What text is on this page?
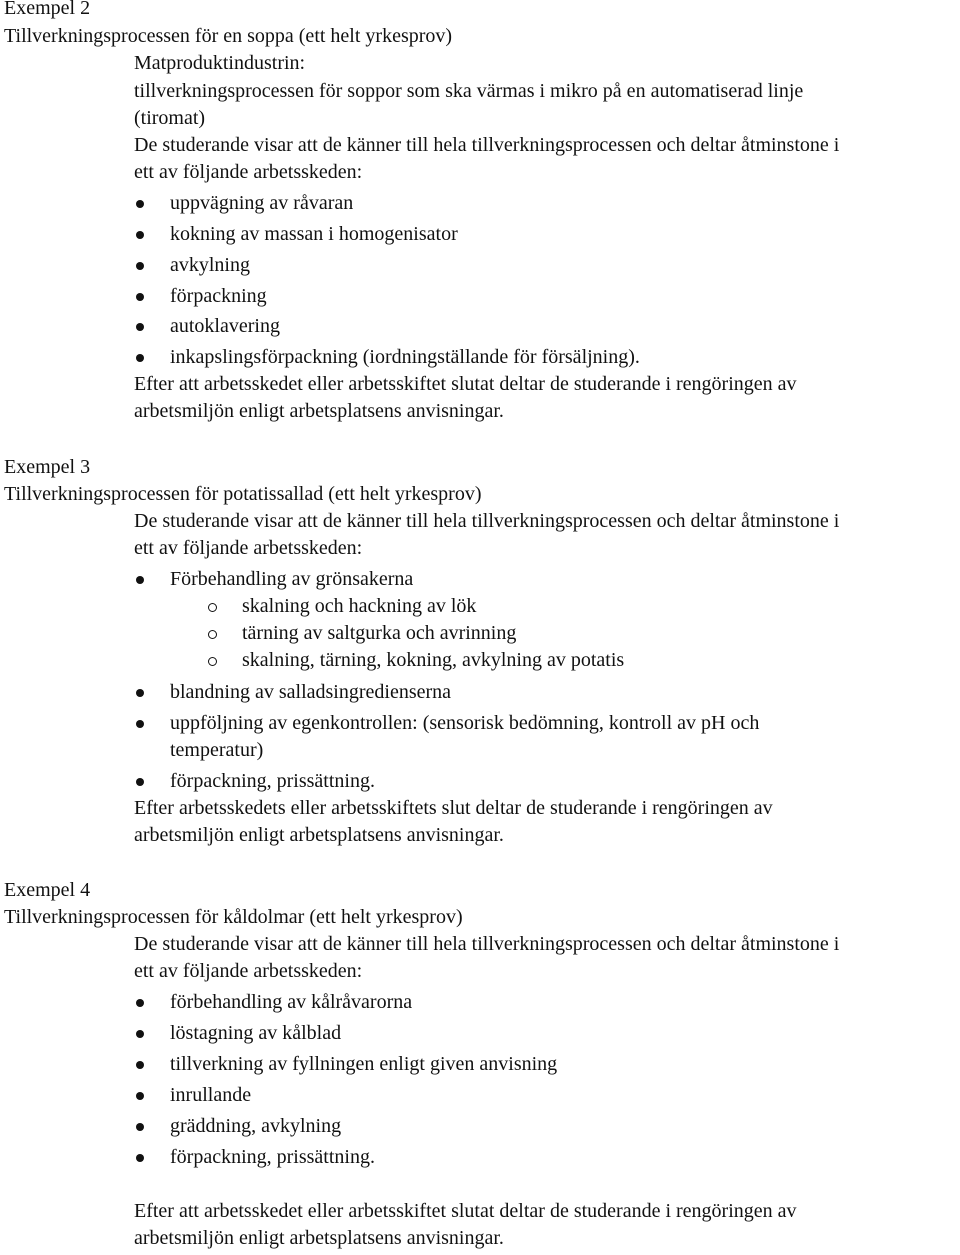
Exempel 2
Tillverkningsprocessen för en soppa (ett helt yrkesprov)
Matproduktindustrin:
tillverkningsprocessen för soppor som ska värmas i mikro på en automatiserad linje
(tiromat)
De studerande visar att de känner till hela tillverkningsprocessen och deltar åtminstone i
ett av följande arbetsskeden:
uppvägning av råvaran
kokning av massan i homogenisator
avkylning
förpackning
autoklavering
inkapslingsförpackning (iordningställande för försäljning).
Efter att arbetsskedet eller arbetsskiftet slutat deltar de studerande i rengöringen av
arbetsmiljön enligt arbetsplatsens anvisningar.
Exempel 3
Tillverkningsprocessen för potatissallad (ett helt yrkesprov)
De studerande visar att de känner till hela tillverkningsprocessen och deltar åtminstone i
ett av följande arbetsskeden:
Förbehandling av grönsakerna
skalning och hackning av lök
tärning av saltgurka och avrinning
skalning, tärning, kokning, avkylning av potatis
blandning av salladsingredienserna
uppföljning av egenkontrollen: (sensorisk bedömning, kontroll av pH och
temperatur)
förpackning, prissättning.
Efter arbetsskedets eller arbetsskiftets slut deltar de studerande i rengöringen av
arbetsmiljön enligt arbetsplatsens anvisningar.
Exempel 4
Tillverkningsprocessen för kåldolmar (ett helt yrkesprov)
De studerande visar att de känner till hela tillverkningsprocessen och deltar åtminstone i
ett av följande arbetsskeden:
förbehandling av kålråvarorna
löstagning av kålblad
tillverkning av fyllningen enligt given anvisning
inrullande
gräddning, avkylning
förpackning, prissättning.
Efter att arbetsskedet eller arbetsskiftet slutat deltar de studerande i rengöringen av
arbetsmiljön enligt arbetsplatsens anvisningar.
